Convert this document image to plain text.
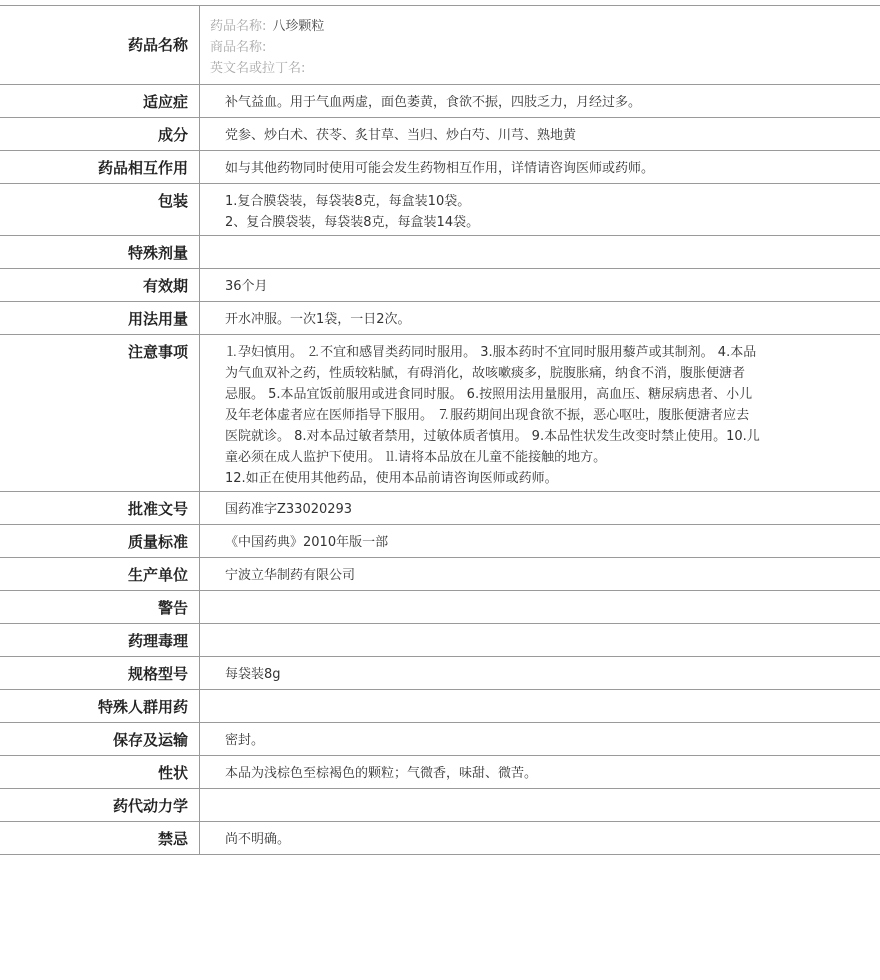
药品名称
药品名称: 八珍颗粒
商品名称:
英文名或拉丁名:
适应症	补气益血。用于气血两虚，面色萎黄，食欲不振，四肢乏力，月经过多。
成分	党参、炒白术、茯苓、炙甘草、当归、炒白芍、川芎、熟地黄
药品相互作用	如与其他药物同时使用可能会发生药物相互作用，详情请咨询医师或药师。
包装	1.复合膜袋装，每袋装8克，每盒装10袋。
2、复合膜袋装，每袋装8克，每盒装14袋。
特殊剂量
有效期	36个月
用法用量	开水冲服。一次1袋，一日2次。
注意事项	⒈孕妇慎用。 ⒉不宜和感冒类药同时服用。 3.服本药时不宜同时服用藜芦或其制剂。 4.本品
为气血双补之药，性质较粘腻，有碍消化，故咳嗽痰多，脘腹胀痛，纳食不消，腹胀便溏者
忌服。 5.本品宜饭前服用或进食同时服。 6.按照用法用量服用，高血压、糖尿病患者、小儿
及年老体虚者应在医师指导下服用。 ⒎服药期间出现食欲不振，恶心呕吐，腹胀便溏者应去
医院就诊。 8.对本品过敏者禁用，过敏体质者慎用。 9.本品性状发生改变时禁止使用。10.儿
童必须在成人监护下使用。 ⒒请将本品放在儿童不能接触的地方。
12.如正在使用其他药品，使用本品前请咨询医师或药师。
批准文号	国药准字Z33020293
质量标准	《中国药典》2010年版一部
生产单位	宁波立华制药有限公司
警告
药理毒理
规格型号	每袋装8g
特殊人群用药
保存及运输	密封。
性状	本品为浅棕色至棕褐色的颗粒；气微香，味甜、微苦。
药代动力学
禁忌	尚不明确。
